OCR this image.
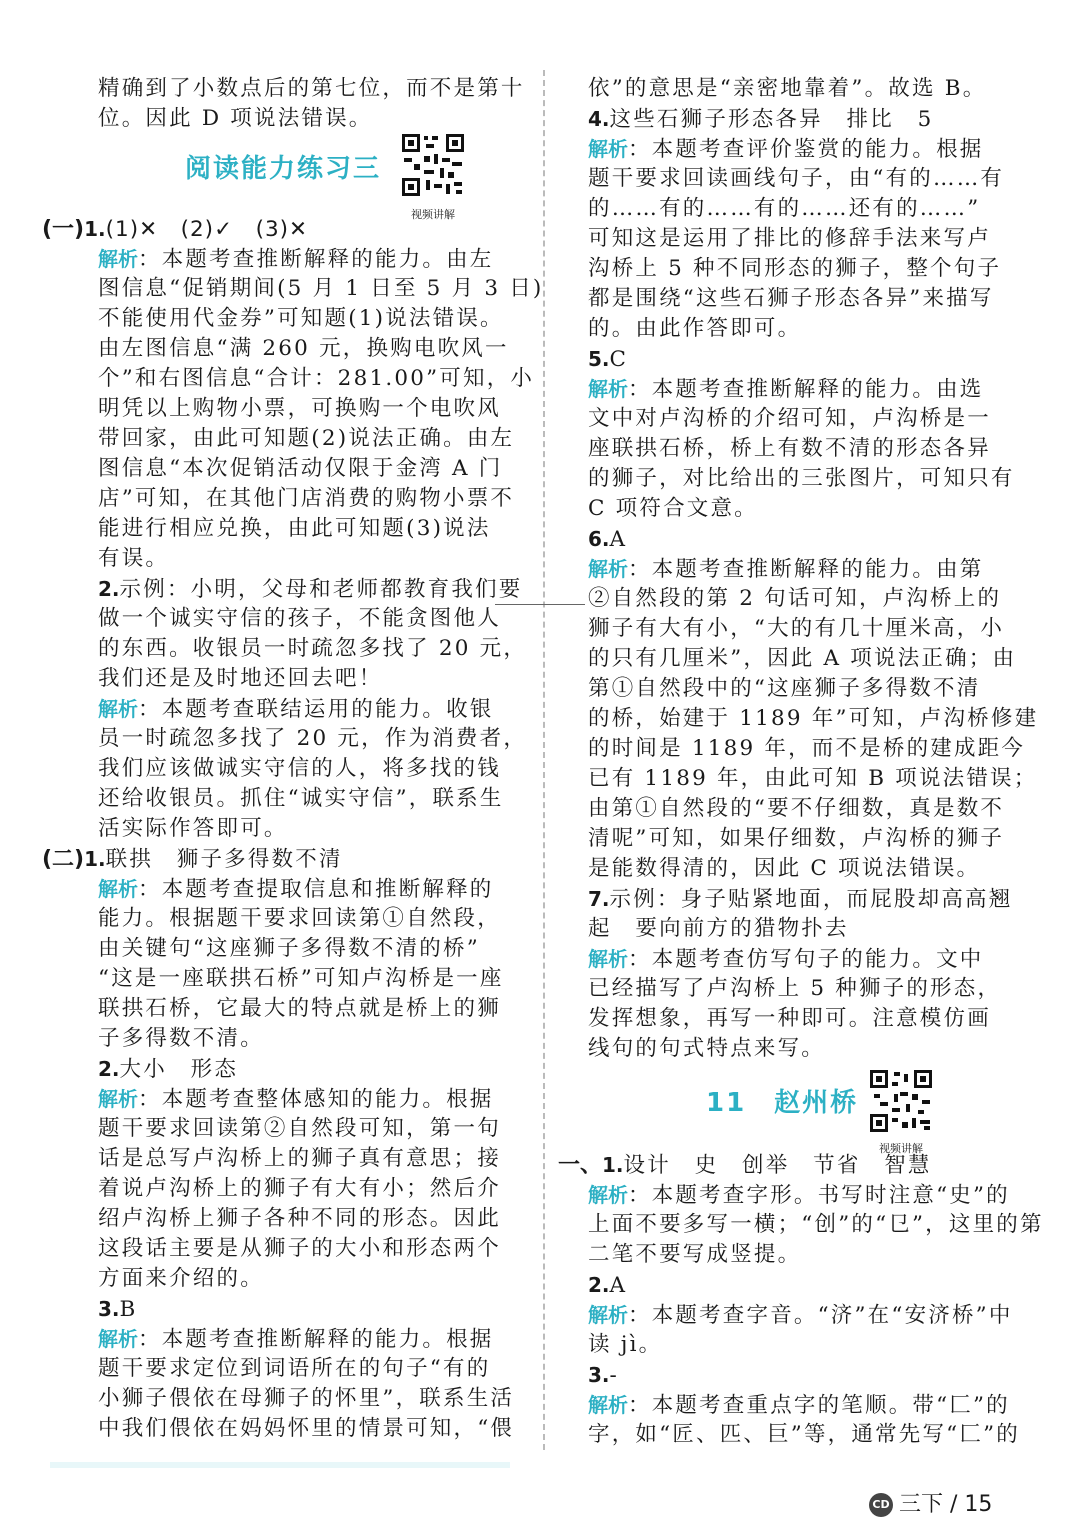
精确到了小数点后的第七位，而不是第十
位。因此 D 项说法错误。
阅读能力练习三
视频讲解
(一)1.(1)✕　(2)✓　(3)✕
解析：本题考查推断解释的能力。由左
图信息“促销期间(5 月 1 日至 5 月 3 日)
不能使用代金券”可知题(1)说法错误。
由左图信息“满 260 元，换购电吹风一
个”和右图信息“合计：281.00”可知，小
明凭以上购物小票，可换购一个电吹风
带回家，由此可知题(2)说法正确。由左
图信息“本次促销活动仅限于金湾 A 门
店”可知，在其他门店消费的购物小票不
能进行相应兑换，由此可知题(3)说法
有误。
2.示例：小明，父母和老师都教育我们要
做一个诚实守信的孩子，不能贪图他人
的东西。收银员一时疏忽多找了 20 元，
我们还是及时地还回去吧！
解析：本题考查联结运用的能力。收银
员一时疏忽多找了 20 元，作为消费者，
我们应该做诚实守信的人，将多找的钱
还给收银员。抓住“诚实守信”，联系生
活实际作答即可。
(二)1.联拱　狮子多得数不清
解析：本题考查提取信息和推断解释的
能力。根据题干要求回读第①自然段，
由关键句“这座狮子多得数不清的桥”
“这是一座联拱石桥”可知卢沟桥是一座
联拱石桥，它最大的特点就是桥上的狮
子多得数不清。
2.大小　形态
解析：本题考查整体感知的能力。根据
题干要求回读第②自然段可知，第一句
话是总写卢沟桥上的狮子真有意思；接
着说卢沟桥上的狮子有大有小；然后介
绍卢沟桥上狮子各种不同的形态。因此
这段话主要是从狮子的大小和形态两个
方面来介绍的。
3.B
解析：本题考查推断解释的能力。根据
题干要求定位到词语所在的句子“有的
小狮子偎依在母狮子的怀里”，联系生活
中我们偎依在妈妈怀里的情景可知，“偎
依”的意思是“亲密地靠着”。故选 B。
4.这些石狮子形态各异　排比　5
解析：本题考查评价鉴赏的能力。根据
题干要求回读画线句子，由“有的……有
的……有的……有的……还有的……”
可知这是运用了排比的修辞手法来写卢
沟桥上 5 种不同形态的狮子，整个句子
都是围绕“这些石狮子形态各异”来描写
的。由此作答即可。
5.C
解析：本题考查推断解释的能力。由选
文中对卢沟桥的介绍可知，卢沟桥是一
座联拱石桥，桥上有数不清的形态各异
的狮子，对比给出的三张图片，可知只有
C 项符合文意。
6.A
解析：本题考查推断解释的能力。由第
②自然段的第 2 句话可知，卢沟桥上的
狮子有大有小，“大的有几十厘米高，小
的只有几厘米”，因此 A 项说法正确；由
第①自然段中的“这座狮子多得数不清
的桥，始建于 1189 年”可知，卢沟桥修建
的时间是 1189 年，而不是桥的建成距今
已有 1189 年，由此可知 B 项说法错误；
由第①自然段的“要不仔细数，真是数不
清呢”可知，如果仔细数，卢沟桥的狮子
是能数得清的，因此 C 项说法错误。
7.示例：身子贴紧地面，而屁股却高高翘
起　要向前方的猎物扑去
解析：本题考查仿写句子的能力。文中
已经描写了卢沟桥上 5 种狮子的形态，
发挥想象，再写一种即可。注意模仿画
线句的句式特点来写。
11　赵州桥
视频讲解
一、1.设计　史　创举　节省　智慧
解析：本题考查字形。书写时注意“史”的
上面不要多写一横；“创”的“㔾”，这里的第
二笔不要写成竖提。
2.A
解析：本题考查字音。“济”在“安济桥”中
读 jì。
3.-
解析：本题考查重点字的笔顺。带“匚”的
字，如“匠、匹、巨”等，通常先写“匚”的
CD 三下 / 15
